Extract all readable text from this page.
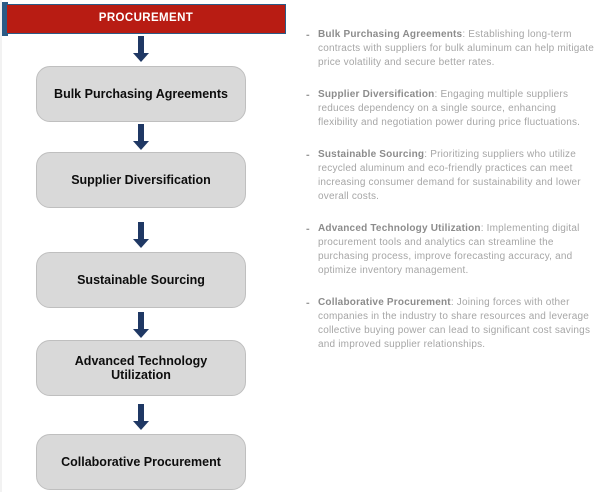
PROCUREMENT
Bulk Purchasing Agreements
Supplier Diversification
Sustainable Sourcing
Advanced Technology Utilization
Collaborative Procurement
- Bulk Purchasing Agreements: Establishing long-term contracts with suppliers for bulk aluminum can help mitigate price volatility and secure better rates.
- Supplier Diversification: Engaging multiple suppliers reduces dependency on a single source, enhancing flexibility and negotiation power during price fluctuations.
- Sustainable Sourcing: Prioritizing suppliers who utilize recycled aluminum and eco-friendly practices can meet increasing consumer demand for sustainability and lower overall costs.
- Advanced Technology Utilization: Implementing digital procurement tools and analytics can streamline the purchasing process, improve forecasting accuracy, and optimize inventory management.
- Collaborative Procurement: Joining forces with other companies in the industry to share resources and leverage collective buying power can lead to significant cost savings and improved supplier relationships.
